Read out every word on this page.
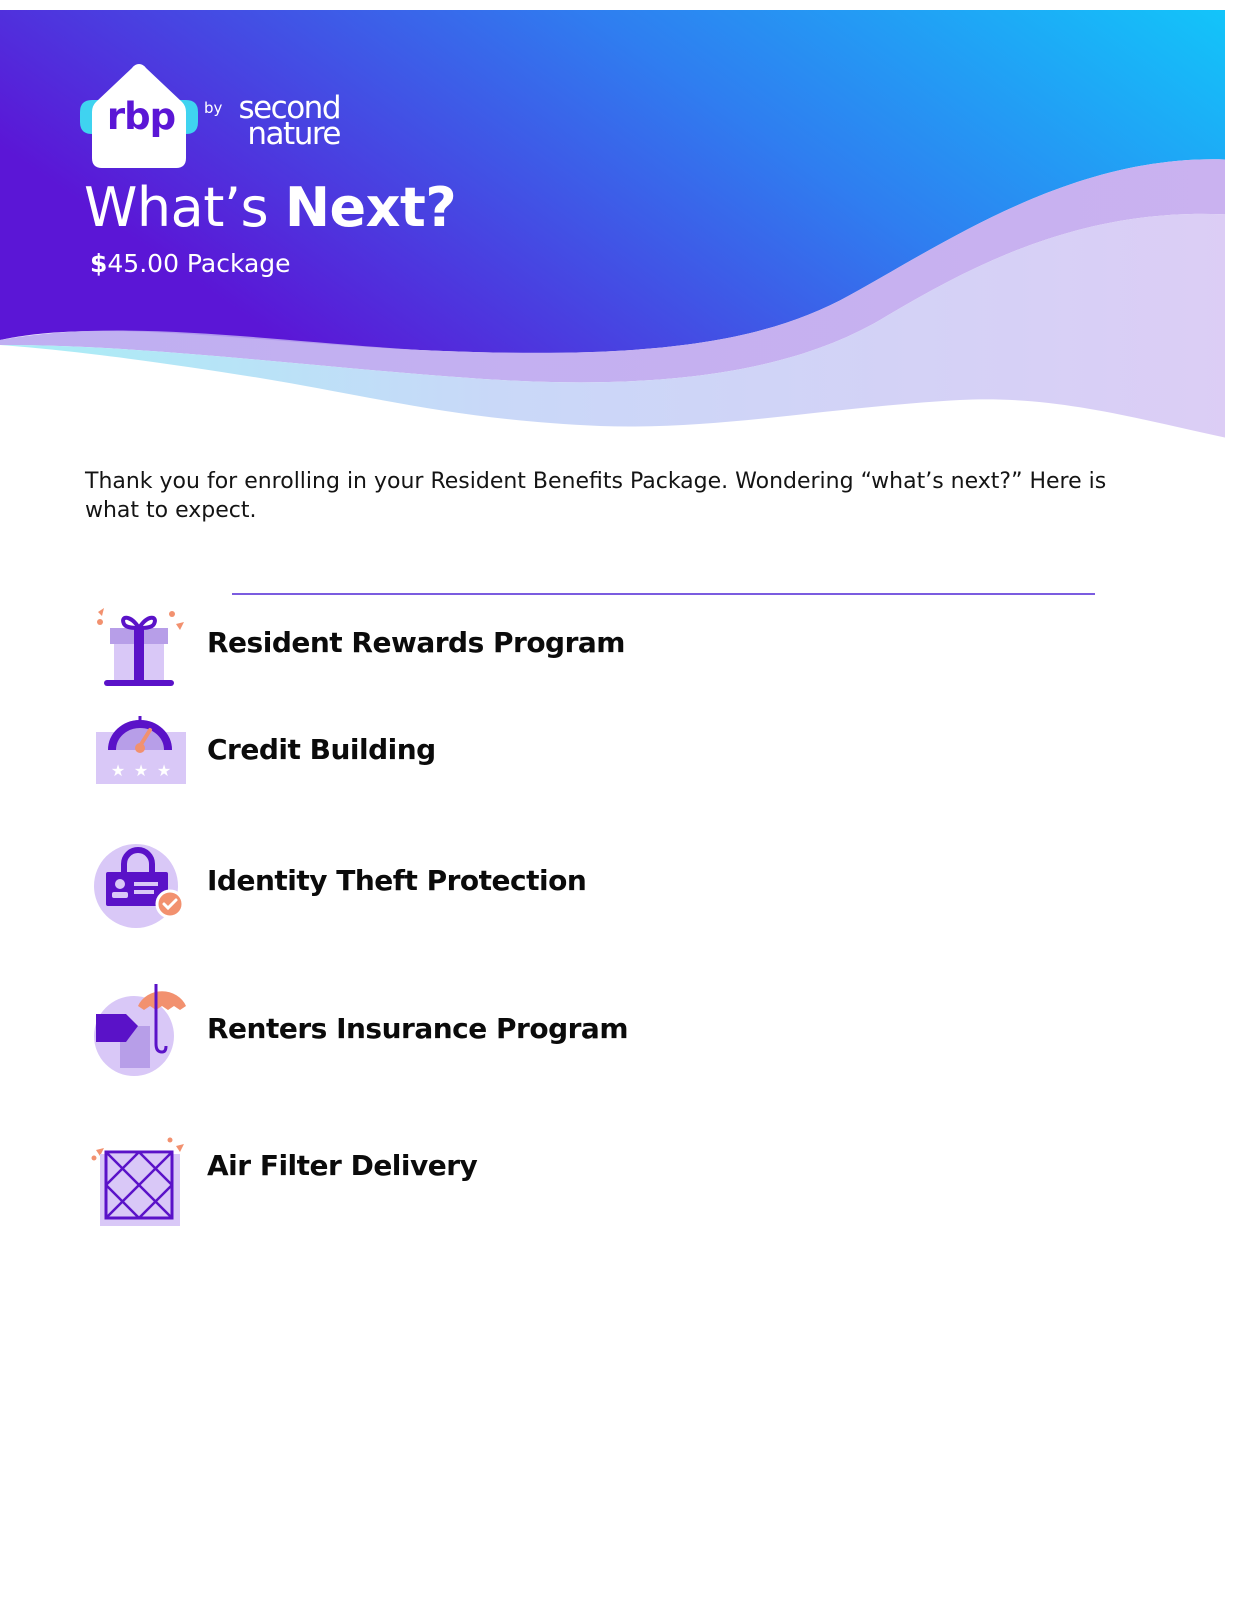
rbp by second
nature
What’s Next?
$45.00 Package
Thank you for enrolling in your Resident Benefits Package. Wondering “what’s next?” Here is what to expect.
Resident Rewards Program
★ ★ ★
Credit Building
Identity Theft Protection
Renters Insurance Program
Air Filter Delivery
